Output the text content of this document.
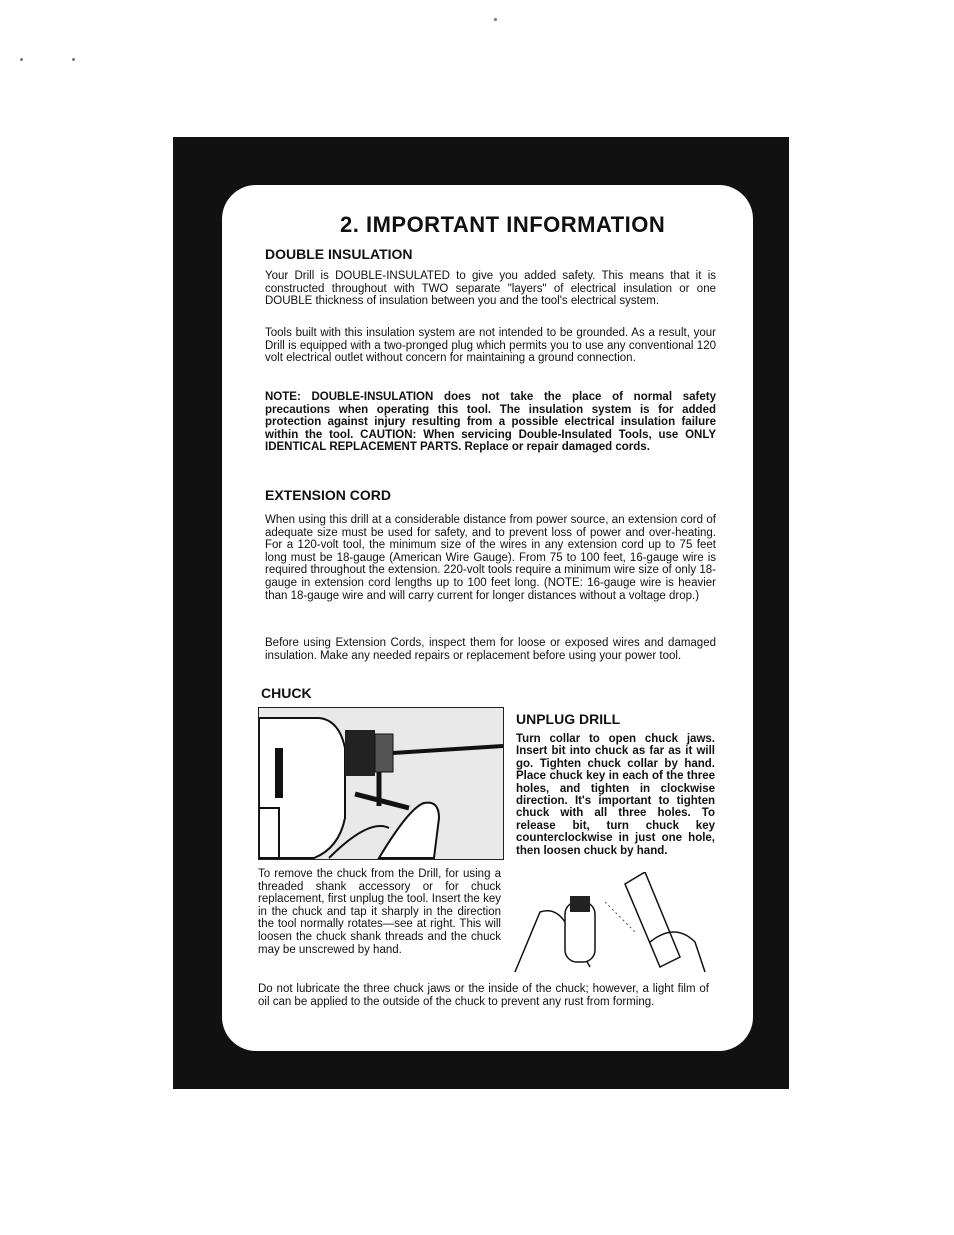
2. IMPORTANT INFORMATION
DOUBLE INSULATION

Your Drill is DOUBLE-INSULATED to give you added safety. This means that it is constructed throughout with TWO separate "layers" of electrical insulation or one DOUBLE thickness of insulation between you and the tool's electrical system.

Tools built with this insulation system are not intended to be grounded. As a result, your Drill is equipped with a two-pronged plug which permits you to use any conventional 120 volt electrical outlet without concern for maintaining a ground connection.

NOTE: DOUBLE-INSULATION does not take the place of normal safety precautions when operating this tool. The insulation system is for added protection against injury resulting from a possible electrical insulation failure within the tool. CAUTION: When servicing Double-Insulated Tools, use ONLY IDENTICAL REPLACEMENT PARTS. Replace or repair damaged cords.

EXTENSION CORD

When using this drill at a considerable distance from power source, an extension cord of adequate size must be used for safety, and to prevent loss of power and over-heating. For a 120-volt tool, the minimum size of the wires in any extension cord up to 75 feet long must be 18-gauge (American Wire Gauge). From 75 to 100 feet, 16-gauge wire is required throughout the extension. 220-volt tools require a minimum wire size of only 18-gauge in extension cord lengths up to 100 feet long. (NOTE: 16-gauge wire is heavier than 18-gauge wire and will carry current for longer distances without a voltage drop.)

Before using Extension Cords, inspect them for loose or exposed wires and damaged insulation. Make any needed repairs or replacement before using your power tool.

CHUCK
UNPLUG DRILL

Turn collar to open chuck jaws. Insert bit into chuck as far as it will go. Tighten chuck collar by hand. Place chuck key in each of the three holes, and tighten in clockwise direction. It's important to tighten chuck with all three holes. To release bit, turn chuck key counterclockwise in just one hole, then loosen chuck by hand.

To remove the chuck from the Drill, for using a threaded shank accessory or for chuck replacement, first unplug the tool. Insert the key in the chuck and tap it sharply in the direction the tool normally rotates—see at right. This will loosen the chuck shank threads and the chuck may be unscrewed by hand.

Do not lubricate the three chuck jaws or the inside of the chuck; however, a light film of oil can be applied to the outside of the chuck to prevent any rust from forming.
